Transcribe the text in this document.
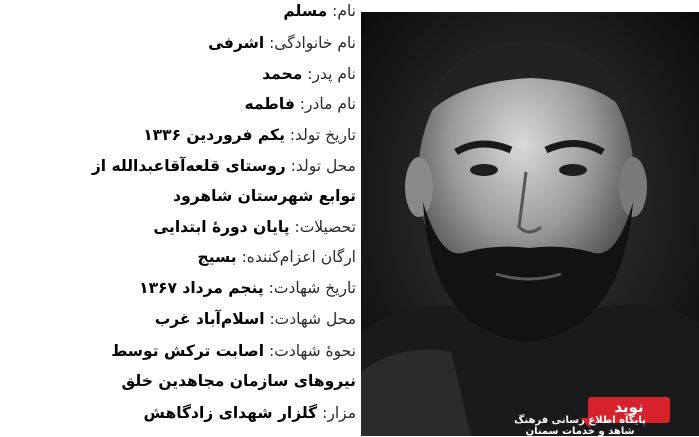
نام: مسلم
نام خانوادگی: اشرفی
نام پدر: محمد
نام مادر: فاطمه
تاریخ تولد: یکم فروردین ۱۳۳۶
محل تولد: روستای قلعه‌آقاعبدالله از
توابع شهرستان شاهرود
تحصیلات: پایان دورهٔ ابتدایی
ارگان اعزام‌کننده: بسیج
تاریخ شهادت: پنجم مرداد ۱۳۶۷
محل شهادت: اسلام‌آباد غرب
نحوهٔ شهادت: اصابت ترکش توسط
نیروهای سازمان مجاهدین خلق
مزار: گلزار شهدای زادگاهش	نوید
پایگاه اطلاع رسانی فرهنگ شاهد و خدمات سمنان
